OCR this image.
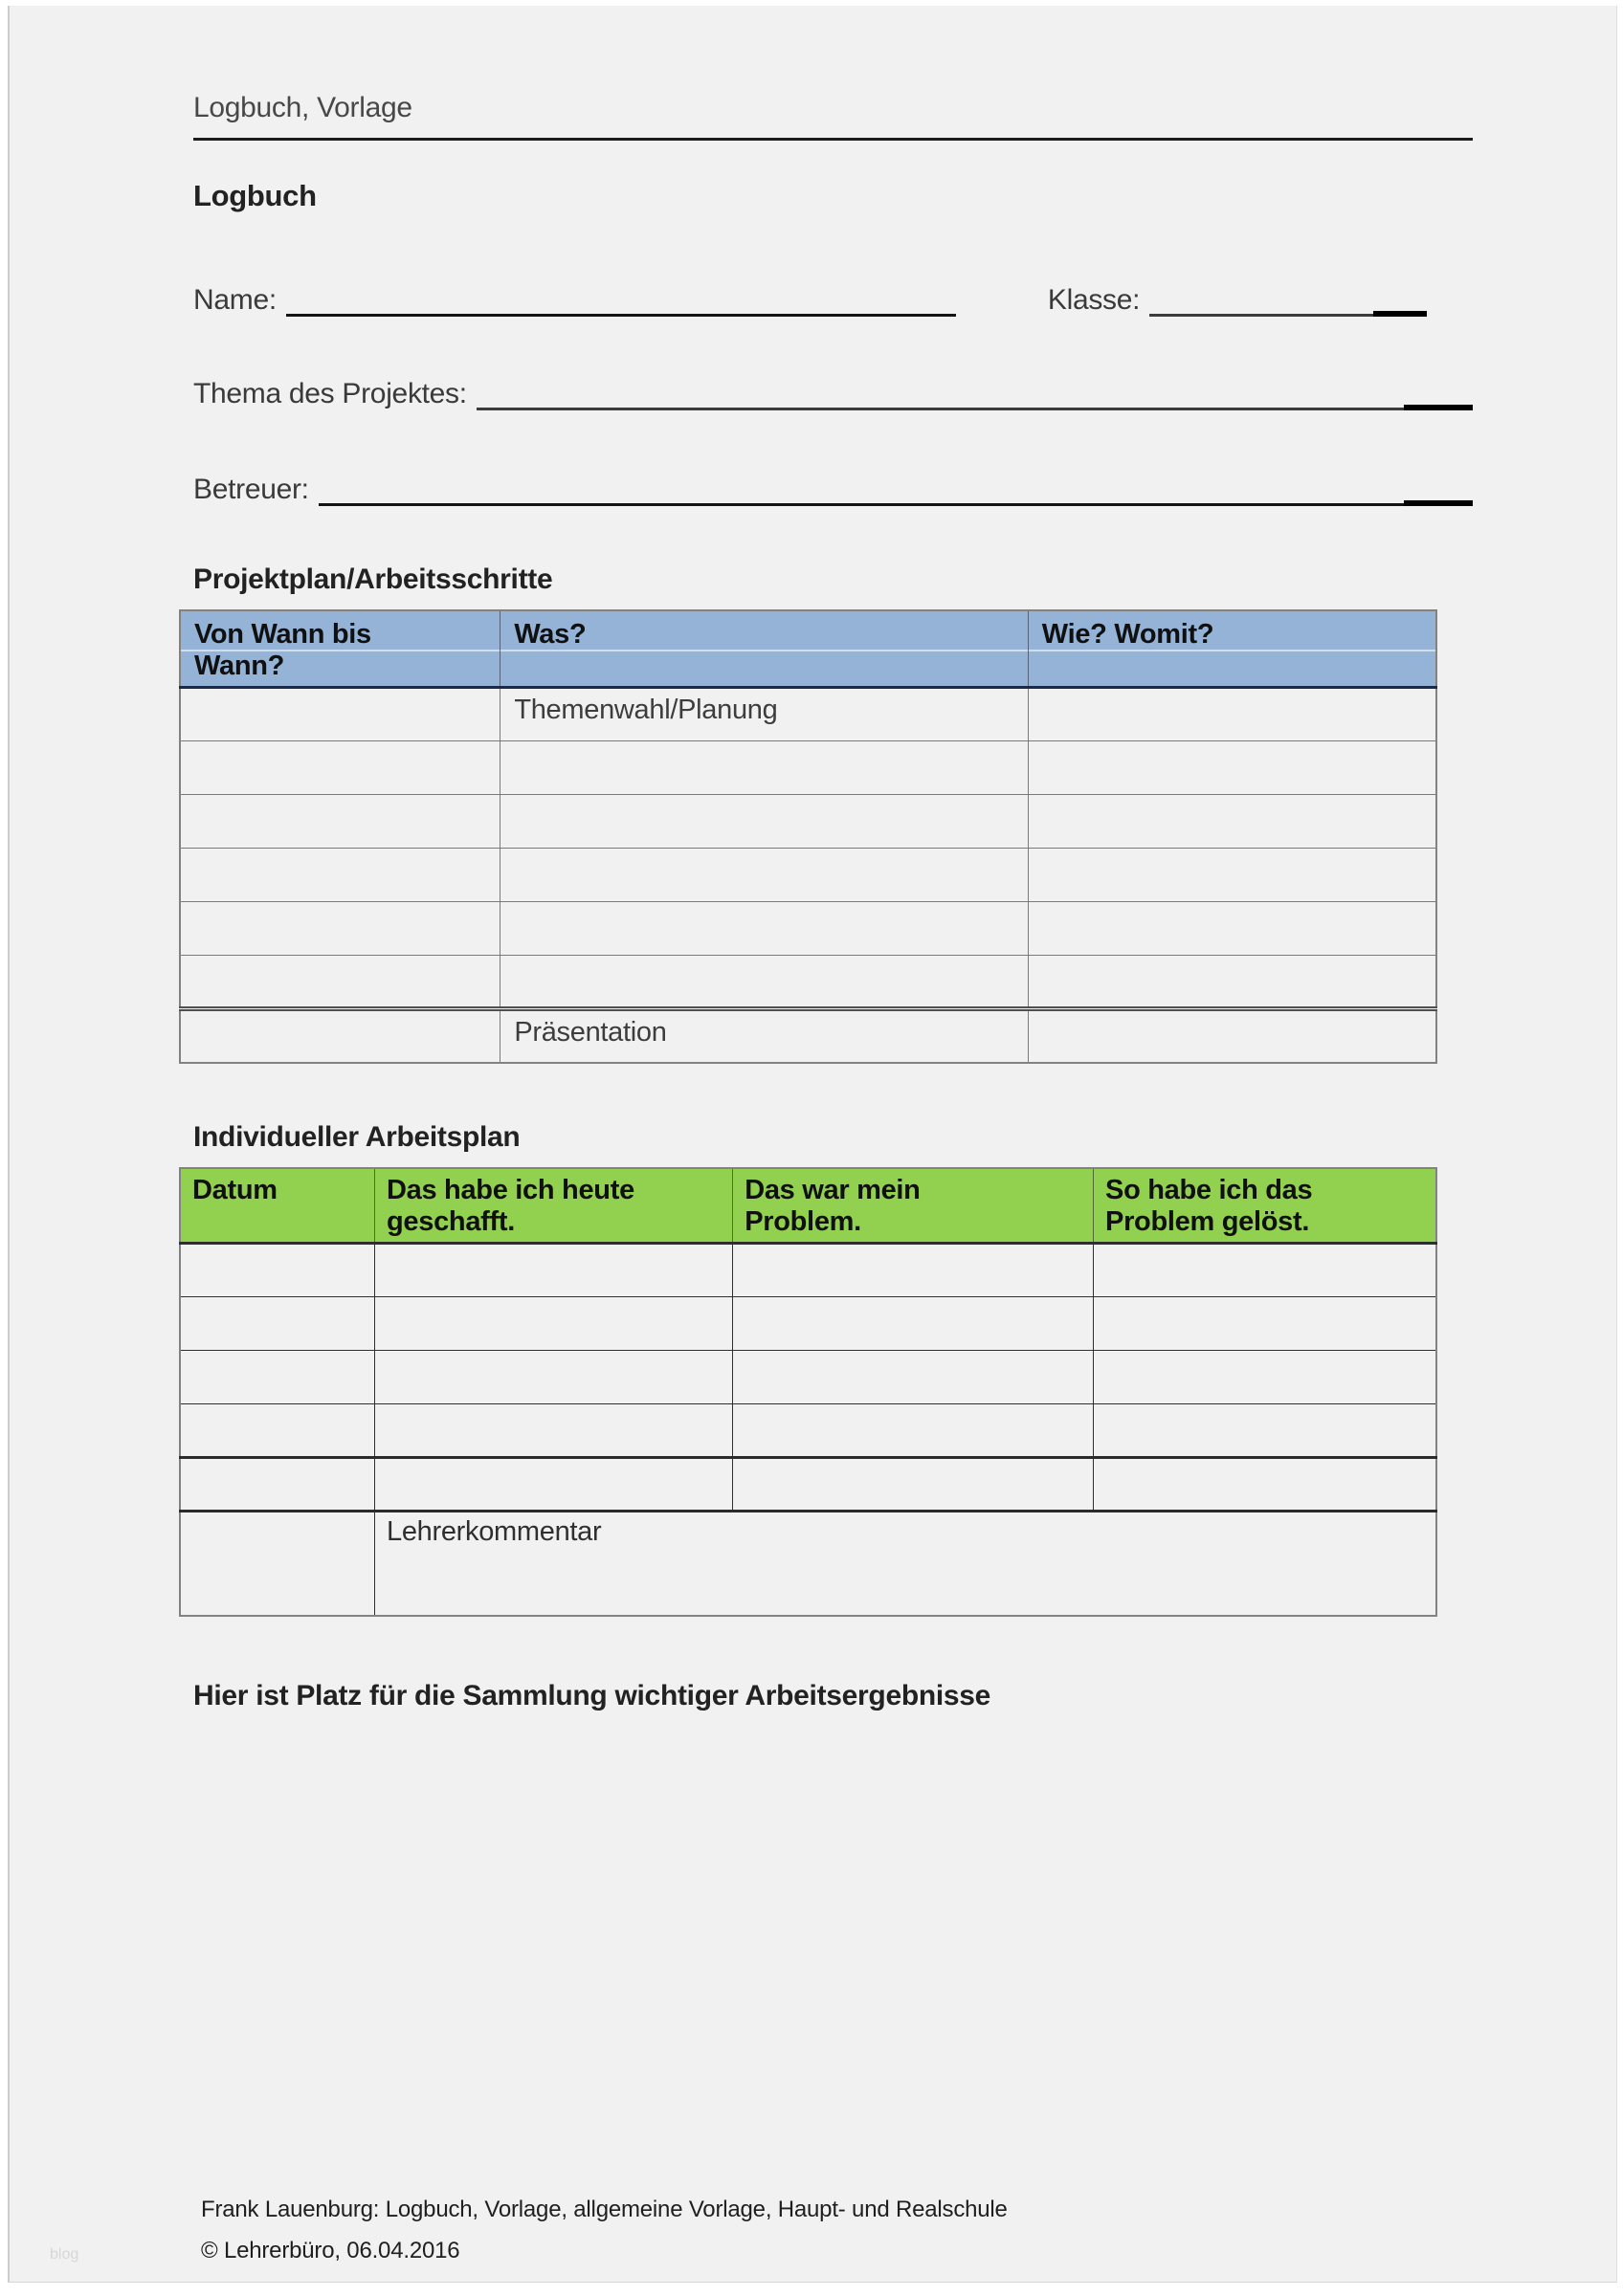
Logbuch, Vorlage
Logbuch
Name:	Klasse:
Thema des Projektes:
Betreuer:
Projektplan/Arbeitsschritte
Von Wann bis Wann?	Was?	Wie? Womit?

	Themenwahl/Planung	

	Präsentation	
Individueller Arbeitsplan
Datum	Das habe ich heute geschafft.	Das war mein Problem.	So habe ich das Problem gelöst.

	Lehrerkommentar		
Hier ist Platz für die Sammlung wichtiger Arbeitsergebnisse
Frank Lauenburg: Logbuch, Vorlage, allgemeine Vorlage, Haupt- und Realschule
© Lehrerbüro, 06.04.2016
blog
